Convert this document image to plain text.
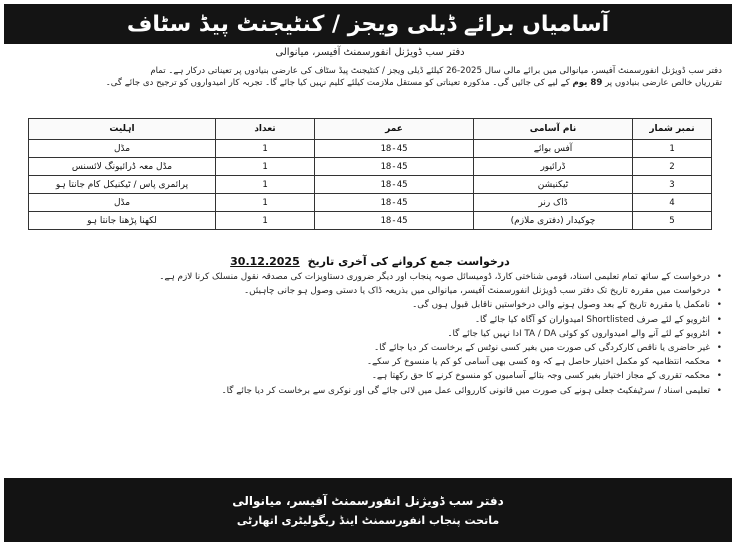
آسامیاں برائے ڈیلی ویجز / کنٹیجنٹ پیڈ سٹاف
دفتر سب ڈویژنل انفورسمنٹ آفیسر، میانوالی
دفتر سب ڈویژنل انفورسمنٹ آفیسر، میانوالی میں برائے مالی سال 2025-26 کیلئے ڈیلی ویجز / کنٹیجنٹ پیڈ سٹاف کی عارضی بنیادوں پر تعیناتی درکار ہے۔ تمام
تقرریاں خالص عارضی بنیادوں پر 89 یوم کے لیے کی جائیں گی۔ مذکورہ تعیناتی کو مستقل ملازمت کیلئے کلیم نہیں کیا جائے گا۔ تجربہ کار امیدواروں کو ترجیح دی جائے گی۔
نمبر شمار	نام آسامی	عمر	تعداد	اہلیت
1	آفس بوائے	18-45	1	مڈل
2	ڈرائیور	18-45	1	مڈل معہ ڈرائیونگ لائسنس
3	ٹیکنیشن	18-45	1	پرائمری پاس / ٹیکنیکل کام جانتا ہو
4	ڈاک رنر	18-45	1	مڈل
5	چوکیدار (دفتری ملازم)	18-45	1	لکھنا پڑھنا جانتا ہو
درخواست جمع کروانے کی آخری تاریخ 30.12.2025
• درخواست کے ساتھ تمام تعلیمی اسناد، قومی شناختی کارڈ، ڈومیسائل صوبہ پنجاب اور دیگر ضروری دستاویزات کی مصدقہ نقول منسلک کرنا لازم ہے۔
• درخواست میں مقررہ تاریخ تک دفتر سب ڈویژنل انفورسمنٹ آفیسر، میانوالی میں بذریعہ ڈاک یا دستی وصول ہو جانی چاہیئں۔
• نامکمل یا مقررہ تاریخ کے بعد وصول ہونے والی درخواستیں ناقابل قبول ہوں گی۔
• انٹرویو کے لئے صرف Shortlisted امیدواران کو آگاہ کیا جائے گا۔
• انٹرویو کے لئے آنے والے امیدواروں کو کوئی TA / DA ادا نہیں کیا جائے گا۔
• غیر حاضری یا ناقص کارکردگی کی صورت میں بغیر کسی نوٹس کے برخاست کر دیا جائے گا۔
• محکمہ انتظامیہ کو مکمل اختیار حاصل ہے کہ وہ کسی بھی آسامی کو کم یا منسوخ کر سکے۔
• محکمہ تقرری کے مجاز اختیار بغیر کسی وجہ بتائے آسامیوں کو منسوخ کرنے کا حق رکھتا ہے۔
• تعلیمی اسناد / سرٹیفکیٹ جعلی ہونے کی صورت میں قانونی کارروائی عمل میں لائی جائے گی اور نوکری سے برخاست کر دیا جائے گا۔
دفتر سب ڈویژنل انفورسمنٹ آفیسر، میانوالی
ماتحت پنجاب انفورسمنٹ اینڈ ریگولیٹری اتھارٹی
